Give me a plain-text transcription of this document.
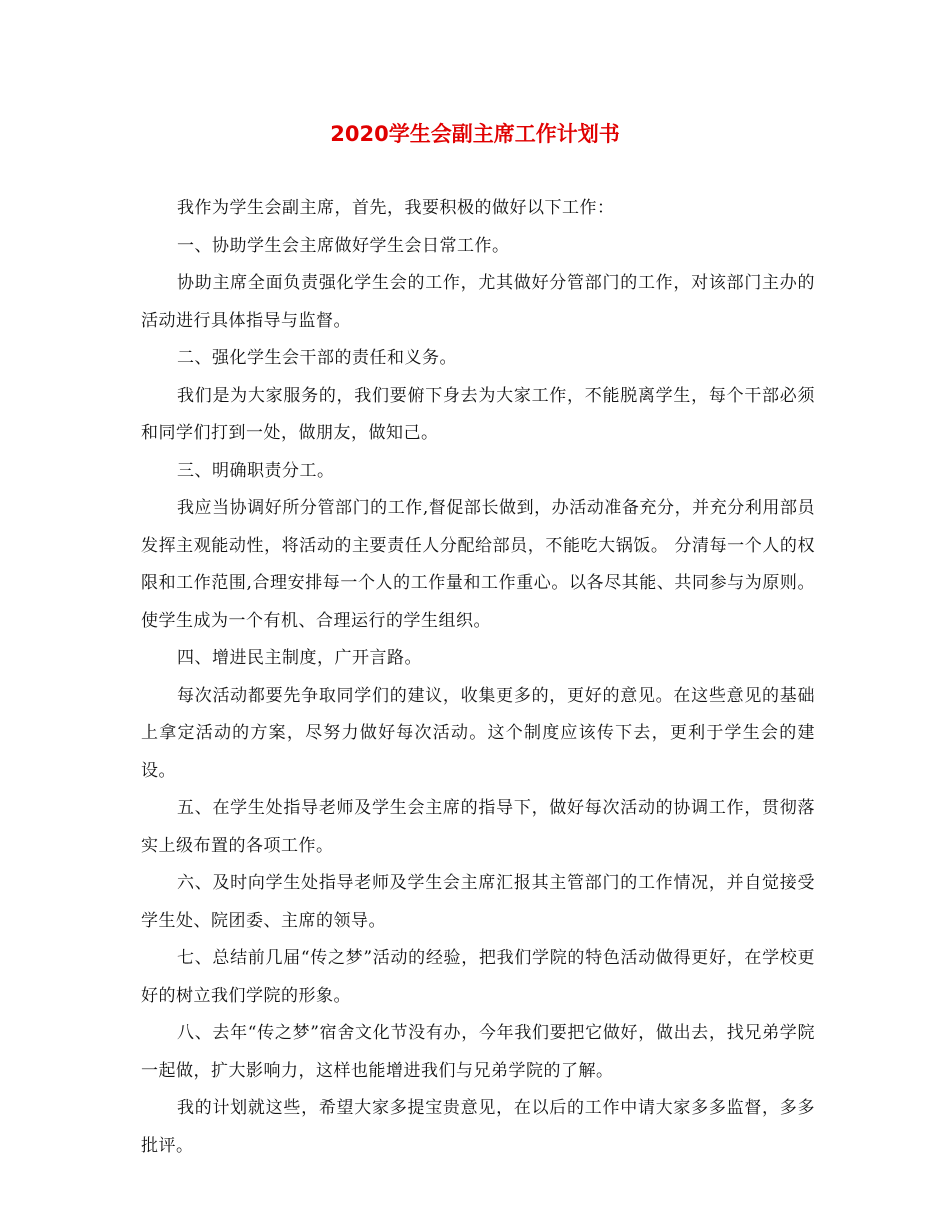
2020学生会副主席工作计划书

我作为学生会副主席，首先，我要积极的做好以下工作：

一、协助学生会主席做好学生会日常工作。

协助主席全面负责强化学生会的工作，尤其做好分管部门的工作，对该部门主办的活动进行具体指导与监督。

二、强化学生会干部的责任和义务。

我们是为大家服务的，我们要俯下身去为大家工作，不能脱离学生，每个干部必须和同学们打到一处，做朋友，做知己。

三、明确职责分工。

我应当协调好所分管部门的工作,督促部长做到，办活动准备充分，并充分利用部员发挥主观能动性，将活动的主要责任人分配给部员，不能吃大锅饭。 分清每一个人的权限和工作范围,合理安排每一个人的工作量和工作重心。以各尽其能、共同参与为原则。使学生成为一个有机、合理运行的学生组织。

四、增进民主制度，广开言路。

每次活动都要先争取同学们的建议，收集更多的，更好的意见。在这些意见的基础上拿定活动的方案，尽努力做好每次活动。这个制度应该传下去，更利于学生会的建设。

五、在学生处指导老师及学生会主席的指导下，做好每次活动的协调工作，贯彻落实上级布置的各项工作。

六、及时向学生处指导老师及学生会主席汇报其主管部门的工作情况，并自觉接受学生处、院团委、主席的领导。

七、总结前几届“传之梦”活动的经验，把我们学院的特色活动做得更好，在学校更好的树立我们学院的形象。

八、去年“传之梦”宿舍文化节没有办，今年我们要把它做好，做出去，找兄弟学院一起做，扩大影响力，这样也能增进我们与兄弟学院的了解。

我的计划就这些，希望大家多提宝贵意见，在以后的工作中请大家多多监督，多多批评。
